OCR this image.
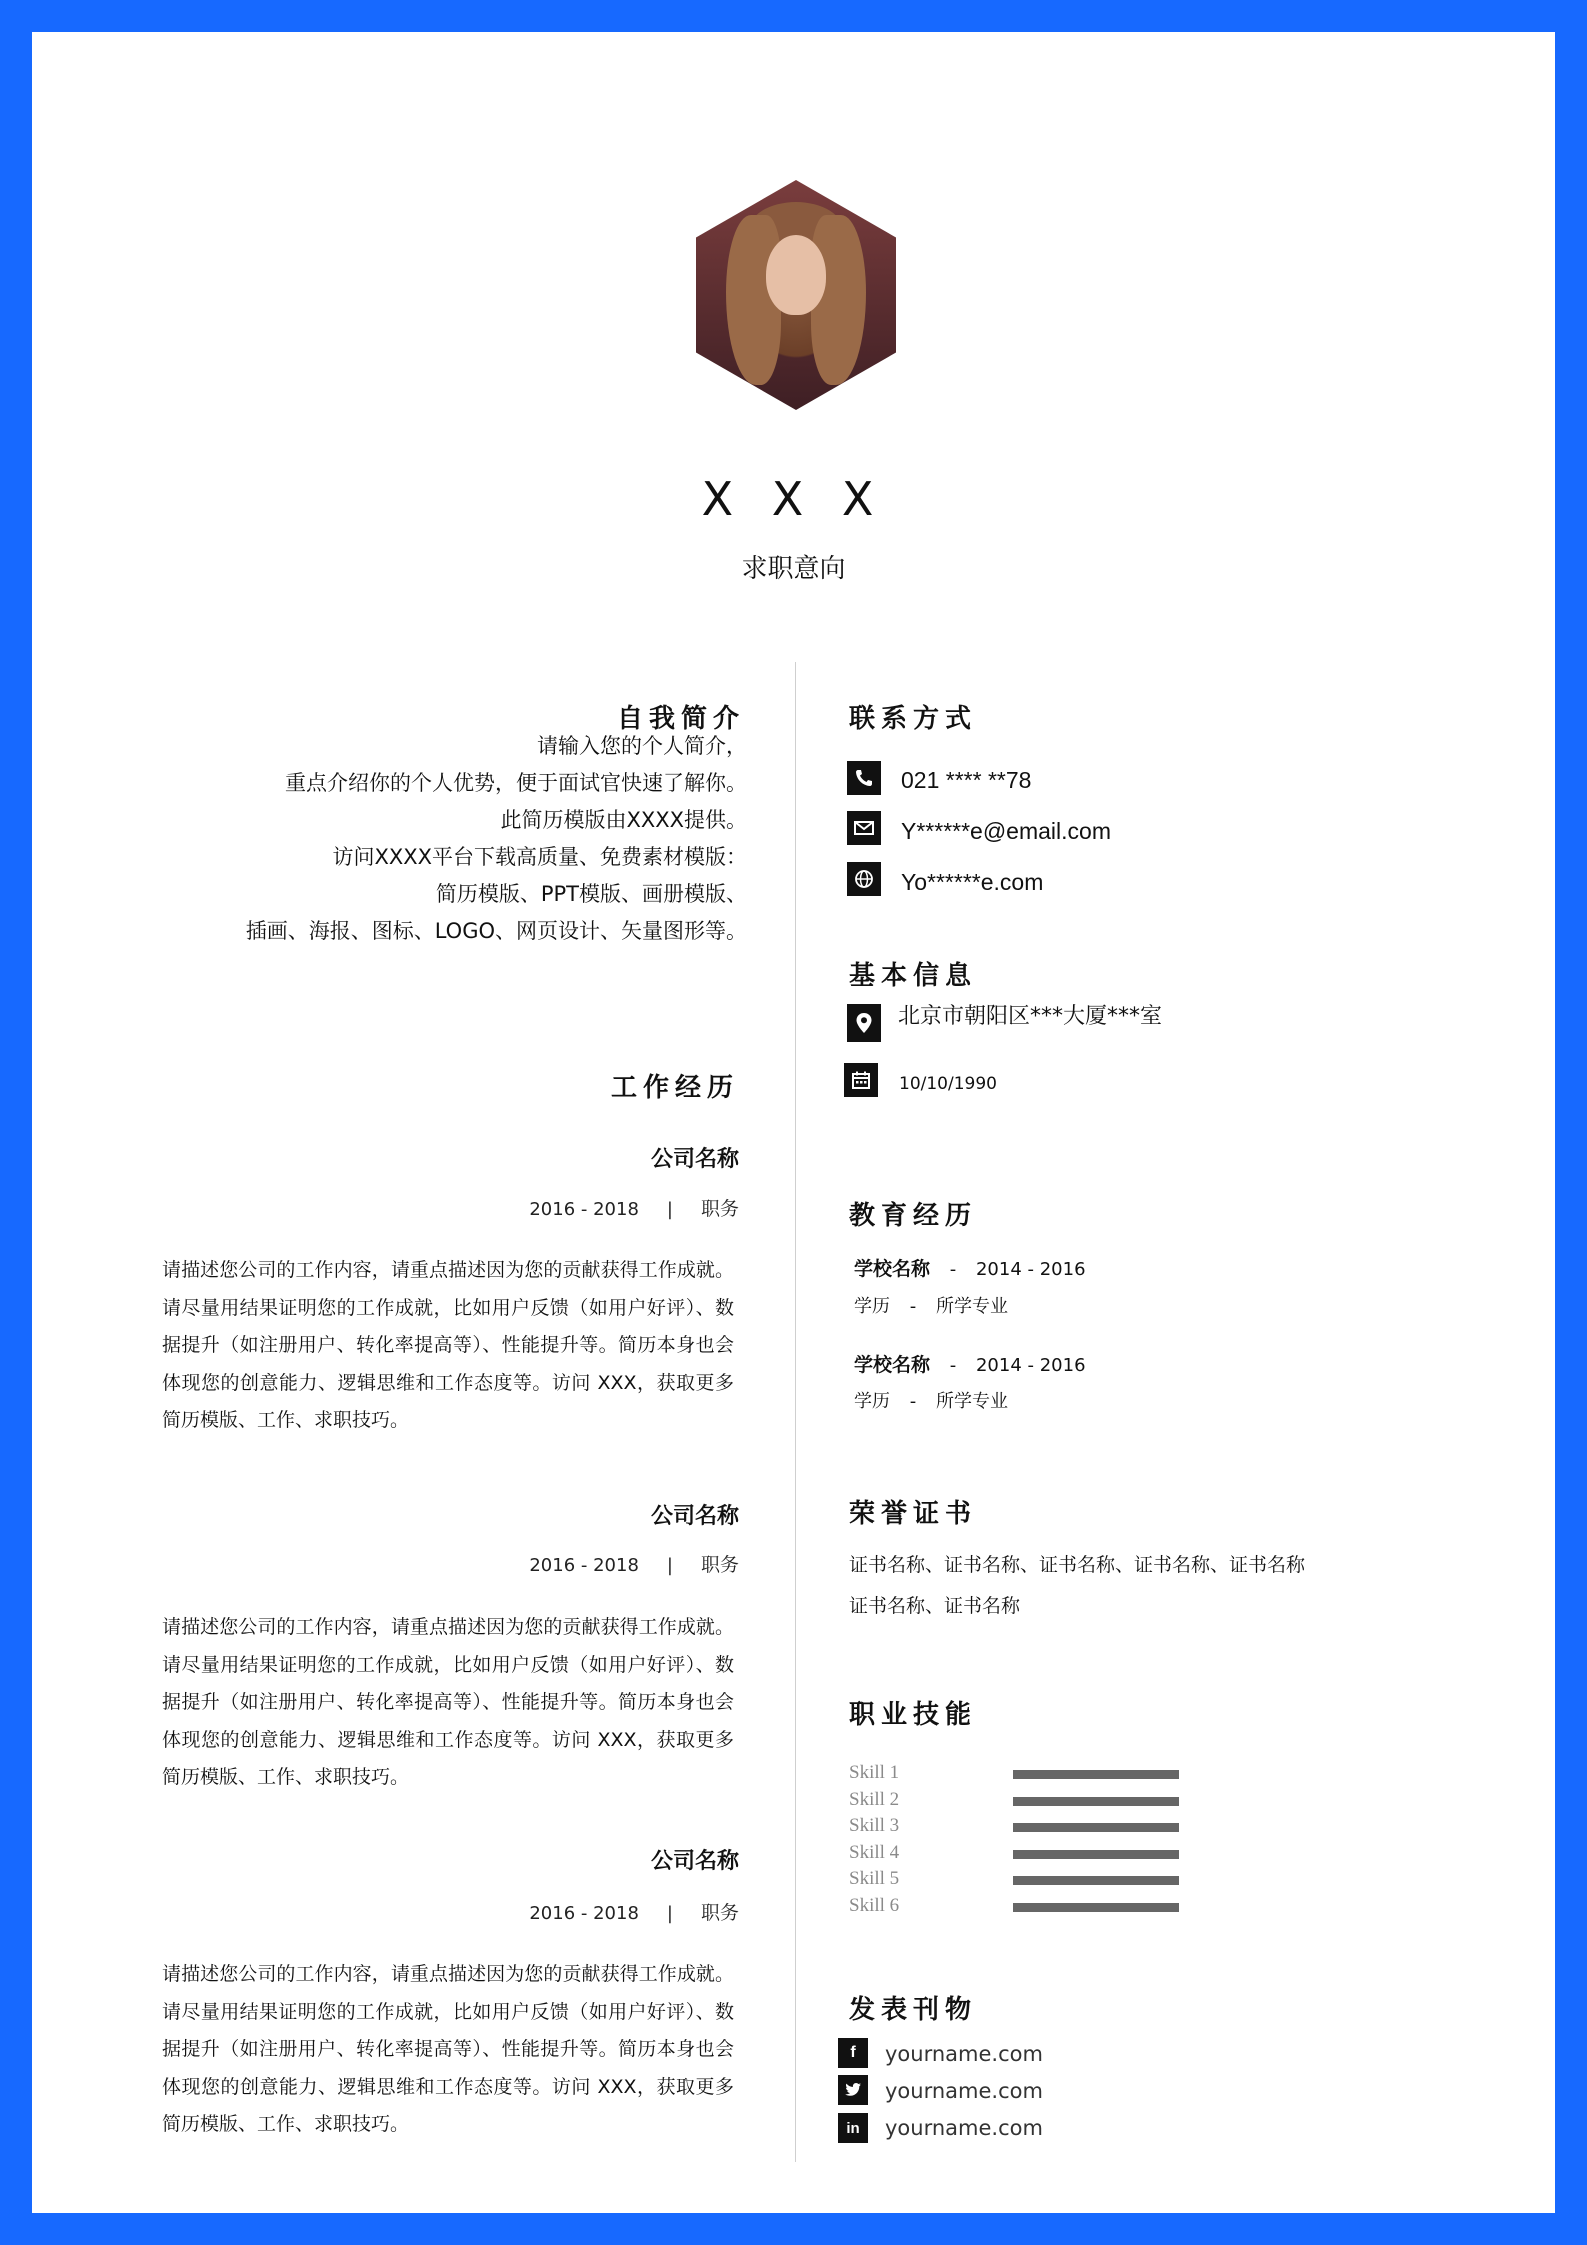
X X X
求职意向
自我简介
请输入您的个人简介，
重点介绍你的个人优势，便于面试官快速了解你。
此简历模版由XXXX提供。
访问XXXX平台下载高质量、免费素材模版：
简历模版、PPT模版、画册模版、
插画、海报、图标、LOGO、网页设计、矢量图形等。
工作经历
公司名称
2016 - 2018 | 职务
请描述您公司的工作内容，请重点描述因为您的贡献获得工作成就。请尽量用结果证明您的工作成就，比如用户反馈（如用户好评）、数据提升（如注册用户、转化率提高等）、性能提升等。简历本身也会体现您的创意能力、逻辑思维和工作态度等。访问 XXX，获取更多简历模版、工作、求职技巧。
公司名称
2016 - 2018 | 职务
请描述您公司的工作内容，请重点描述因为您的贡献获得工作成就。请尽量用结果证明您的工作成就，比如用户反馈（如用户好评）、数据提升（如注册用户、转化率提高等）、性能提升等。简历本身也会体现您的创意能力、逻辑思维和工作态度等。访问 XXX，获取更多简历模版、工作、求职技巧。
公司名称
2016 - 2018 | 职务
请描述您公司的工作内容，请重点描述因为您的贡献获得工作成就。请尽量用结果证明您的工作成就，比如用户反馈（如用户好评）、数据提升（如注册用户、转化率提高等）、性能提升等。简历本身也会体现您的创意能力、逻辑思维和工作态度等。访问 XXX，获取更多简历模版、工作、求职技巧。
联系方式
021 **** **78
Y******e@email.com
Yo******e.com
基本信息
北京市朝阳区***大厦***室
10/10/1990
教育经历
学校名称 - 2014 - 2016
学历 - 所学专业
学校名称 - 2014 - 2016
学历 - 所学专业
荣誉证书
证书名称、证书名称、证书名称、证书名称、证书名称
证书名称、证书名称
职业技能
Skill 1
Skill 2
Skill 3
Skill 4
Skill 5
Skill 6
发表刊物
f	yourname.com
yourname.com
in	yourname.com
